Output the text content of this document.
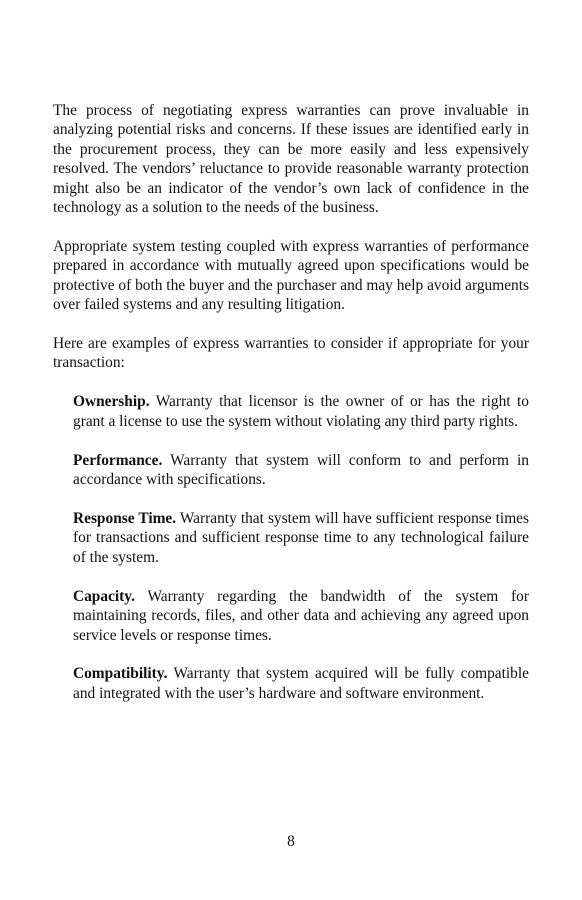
The process of negotiating express warranties can prove invaluable in analyzing potential risks and concerns. If these issues are identified early in the procurement process, they can be more easily and less expensively resolved. The vendors’ reluctance to provide reasonable warranty protection might also be an indicator of the vendor’s own lack of confidence in the technology as a solution to the needs of the business.

Appropriate system testing coupled with express warranties of performance prepared in accordance with mutually agreed upon specifications would be protective of both the buyer and the purchaser and may help avoid arguments over failed systems and any resulting litigation.

Here are examples of express warranties to consider if appropriate for your transaction:

Ownership. Warranty that licensor is the owner of or has the right to grant a license to use the system without violating any third party rights.

Performance. Warranty that system will conform to and perform in accordance with specifications.

Response Time. Warranty that system will have sufficient response times for transactions and sufficient response time to any technological failure of the system.

Capacity. Warranty regarding the bandwidth of the system for maintaining records, files, and other data and achieving any agreed upon service levels or response times.

Compatibility. Warranty that system acquired will be fully compatible and integrated with the user’s hardware and software environment.

8
